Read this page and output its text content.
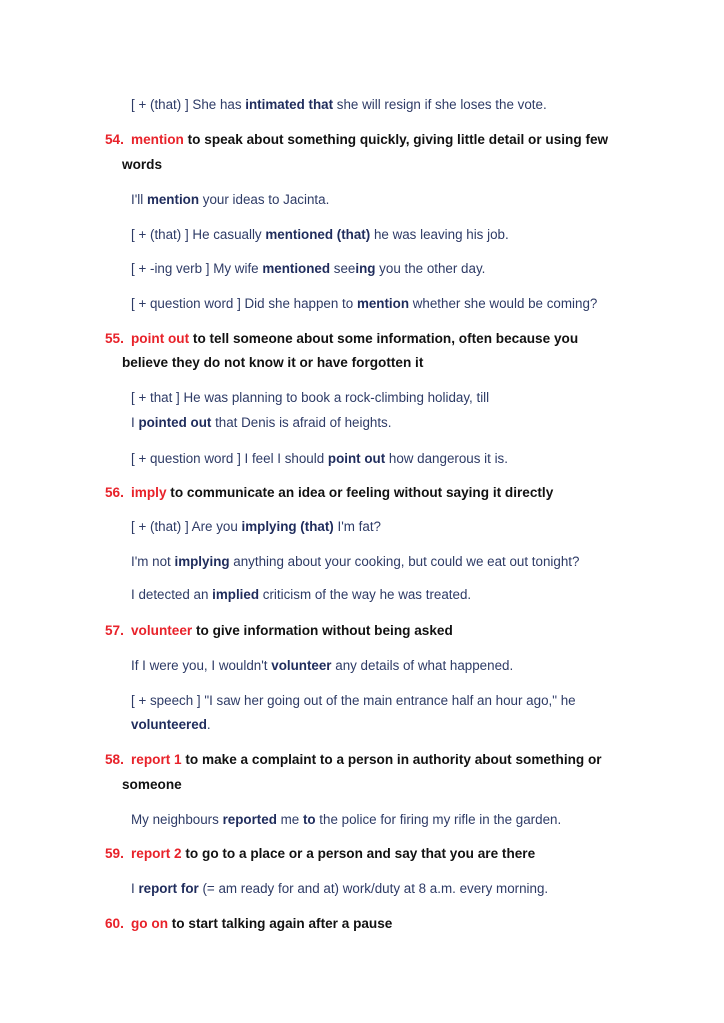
[ + (that) ] She has intimated that she will resign if she loses the vote.
54. mention to speak about something quickly, giving little detail or using few
words
I'll mention your ideas to Jacinta.
[ + (that) ] He casually mentioned (that) he was leaving his job.
[ + -ing verb ] My wife mentioned seeing you the other day.
[ + question word ] Did she happen to mention whether she would be coming?
55. point out to tell someone about some information, often because you
believe they do not know it or have forgotten it
[ + that ] He was planning to book a rock-climbing holiday, till
I pointed out that Denis is afraid of heights.
[ + question word ] I feel I should point out how dangerous it is.
56. imply to communicate an idea or feeling without saying it directly
[ + (that) ] Are you implying (that) I'm fat?
I'm not implying anything about your cooking, but could we eat out tonight?
I detected an implied criticism of the way he was treated.
57. volunteer to give information without being asked
If I were you, I wouldn't volunteer any details of what happened.
[ + speech ] "I saw her going out of the main entrance half an hour ago," he
volunteered.
58. report 1 to make a complaint to a person in authority about something or
someone
My neighbours reported me to the police for firing my rifle in the garden.
59. report 2 to go to a place or a person and say that you are there
I report for (= am ready for and at) work/duty at 8 a.m. every morning.
60. go on to start talking again after a pause
